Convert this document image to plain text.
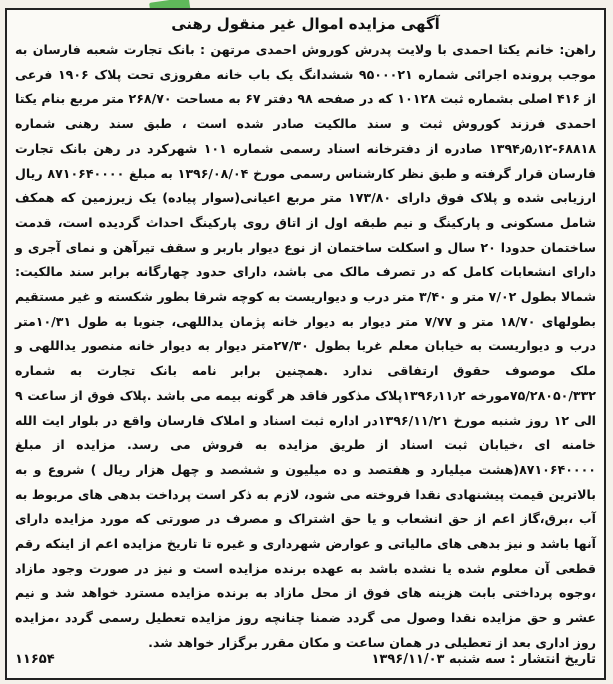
آگهی مزایده اموال غیر منقول رهنی
راهن: خانم یکتا احمدی با ولایت پدرش کوروش احمدی مرتهن : بانک تجارت شعبه فارسان به موجب پرونده اجرائی شماره ۹۵۰۰۰۲۱ ششدانگ یک باب خانه مفروزی تحت پلاک ۱۹۰۶ فرعی از ۴۱۶ اصلی بشماره ثبت ۱۰۱۲۸ که در صفحه ۹۸ دفتر ۶۷ به مساحت ۲۶۸/۷۰ متر مربع بنام یکتا احمدی فرزند کوروش ثبت و سند مالکیت صادر شده است ، طبق سند رهنی شماره ۶۸۸۱۸-۱۳۹۴٫۵٫۱۲ صادره از دفترخانه اسناد رسمی شماره ۱۰۱ شهرکرد در رهن بانک تجارت فارسان قرار گرفته و طبق نظر کارشناس رسمی مورخ ۱۳۹۶/۰۸/۰۴ به مبلغ ۸۷۱۰۶۴۰۰۰۰ ریال ارزیابی شده و پلاک فوق دارای ۱۷۳/۸۰ متر مربع اعیانی(سوار پیاده) یک زیرزمین که همکف شامل مسکونی و پارکینگ و نیم طبقه اول از اتاق روی پارکینگ احداث گردیده است، قدمت ساختمان حدودا ۲۰ سال و اسکلت ساختمان از نوع دیوار باربر و سقف تیرآهن و نمای آجری و دارای انشعابات کامل که در تصرف مالک می باشد، دارای حدود چهارگانه برابر سند مالکیت: شمالا بطول ۷/۰۲ متر و ۳/۴۰ متر درب و دیواریست به کوچه شرقا بطور شکسته و غیر مستقیم بطولهای ۱۸/۷۰ متر و ۷/۷۷ متر دیوار به دیوار خانه پژمان یداللهی، جنوبا به طول ۱۰/۳۱متر درب و دیواریست به خیابان معلم غربا بطول ۲۷/۳۰متر دیوار به دیوار خانه منصور یداللهی و ملک موصوف حقوق ارتفاقی ندارد .همچنین برابر نامه بانک تجارت به شماره ۷۵/۲۸۰۵۰/۳۳۲مورخه ۱۳۹۶٫۱۱٫۲پلاک مذکور فاقد هر گونه بیمه می باشد .پلاک فوق از ساعت ۹ الی ۱۲ روز شنبه مورخ ۱۳۹۶/۱۱/۲۱در اداره ثبت اسناد و املاک فارسان واقع در بلوار ایت الله خامنه ای ،خیابان ثبت اسناد از طریق مزایده به فروش می رسد. مزایده از مبلغ ۸۷۱۰۶۴۰۰۰۰(هشت میلیارد و هفتصد و ده میلیون و ششصد و چهل هزار ریال ) شروع و به بالاترین قیمت پیشنهادی نقدا فروخته می شود، لازم به ذکر است پرداخت بدهی های مربوط به آب ،برق،گاز اعم از حق انشعاب و یا حق اشتراک و مصرف در صورتی که مورد مزایده دارای آنها باشد و نیز بدهی های مالیاتی و عوارض شهرداری و غیره تا تاریخ مزایده اعم از اینکه رقم قطعی آن معلوم شده یا نشده باشد به عهده برنده مزایده است و نیز در صورت وجود مازاد ،وجوه پرداختی بابت هزینه های فوق از محل مازاد به برنده مزایده مسترد خواهد شد و نیم عشر و حق مزایده نقدا وصول می گردد ضمنا چنانچه روز مزایده تعطیل رسمی گردد ،مزایده روز اداری بعد از تعطیلی در همان ساعت و مکان مقرر برگزار خواهد شد.
تاریخ انتشار : سه شنبه ۱۳۹۶/۱۱/۰۳
۱۱۶۵۴
